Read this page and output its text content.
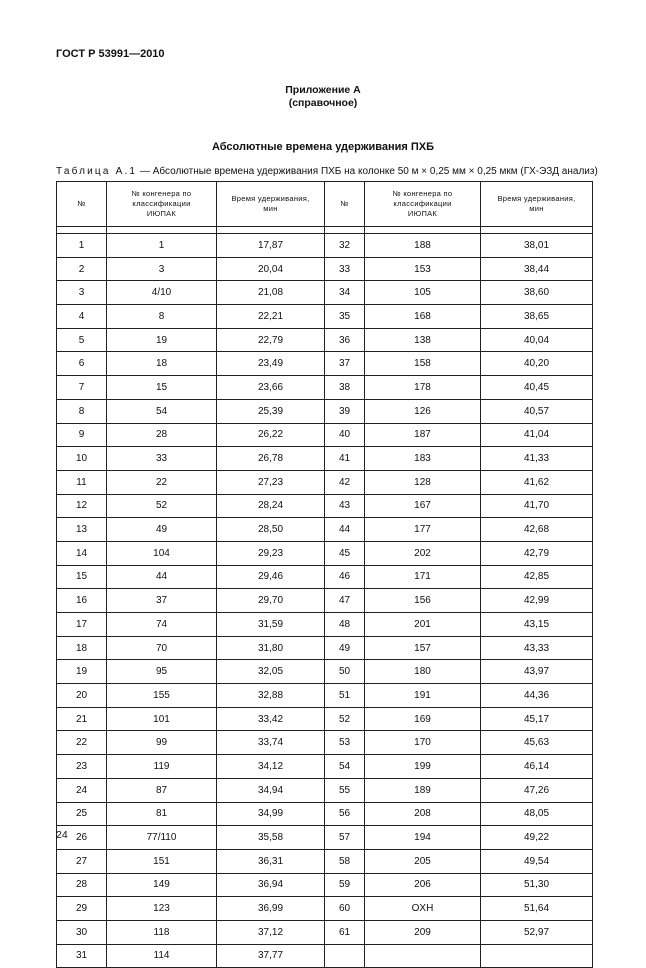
ГОСТ Р 53991—2010
Приложение А
(справочное)
Абсолютные времена удерживания ПХБ
Таблица А.1 — Абсолютные времена удерживания ПХБ на колонке 50 м × 0,25 мм × 0,25 мкм (ГХ-ЭЗД анализ)
№	№ конгенера по
классификации
ИЮПАК	Время удерживания,
мин	№	№ конгенера по
классификации
ИЮПАК	Время удерживания,
мин

1	1	17,87	32	188	38,01
2	3	20,04	33	153	38,44
3	4/10	21,08	34	105	38,60
4	8	22,21	35	168	38,65
5	19	22,79	36	138	40,04
6	18	23,49	37	158	40,20
7	15	23,66	38	178	40,45
8	54	25,39	39	126	40,57
9	28	26,22	40	187	41,04
10	33	26,78	41	183	41,33
11	22	27,23	42	128	41,62
12	52	28,24	43	167	41,70
13	49	28,50	44	177	42,68
14	104	29,23	45	202	42,79
15	44	29,46	46	171	42,85
16	37	29,70	47	156	42,99
17	74	31,59	48	201	43,15
18	70	31,80	49	157	43,33
19	95	32,05	50	180	43,97
20	155	32,88	51	191	44,36
21	101	33,42	52	169	45,17
22	99	33,74	53	170	45,63
23	119	34,12	54	199	46,14
24	87	34,94	55	189	47,26
25	81	34,99	56	208	48,05
26	77/110	35,58	57	194	49,22
27	151	36,31	58	205	49,54
28	149	36,94	59	206	51,30
29	123	36,99	60	OXH	51,64
30	118	37,12	61	209	52,97
31	114	37,77			
24
